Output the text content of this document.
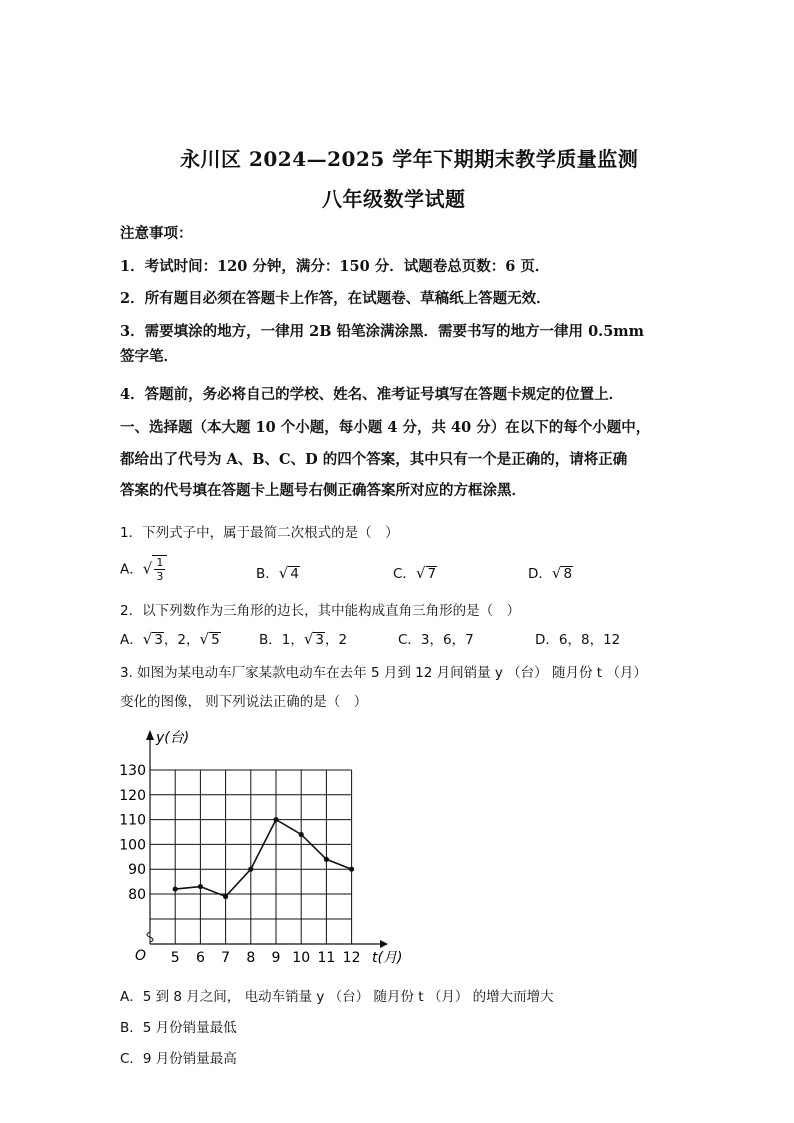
永川区 2024—2025 学年下期期末教学质量监测
八年级数学试题
注意事项：
1．考试时间：120 分钟，满分：150 分．试题卷总页数：6 页．
2．所有题目必须在答题卡上作答，在试题卷、草稿纸上答题无效．
3．需要填涂的地方，一律用 2B 铅笔涂满涂黑．需要书写的地方一律用 0.5mm
签字笔．
4．答题前，务必将自己的学校、姓名、准考证号填写在答题卡规定的位置上．
一、选择题（本大题 10 个小题，每小题 4 分，共 40 分）在以下的每个小题中，
都给出了代号为 A、B、C、D 的四个答案，其中只有一个是正确的，请将正确
答案的代号填在答题卡上题号右侧正确答案所对应的方框涂黑．
1．下列式子中，属于最简二次根式的是（　）
A．√ $\frac{1}{3}$	B．√ 4	C．√ 7	D．√ 8
2．以下列数作为三角形的边长，其中能构成直角三角形的是（　）
A．√ 3，2，√ 5	B．1，√ 3，2	C．3，6，7	D．6，8，12
3. 如图为某电动车厂家某款电动车在去年 5 月到 12 月间销量 y （台） 随月份 t （月）
变化的图像， 则下列说法正确的是（　）
y(台)
t(月)
O
80
90
100
110
120
130
5 6 7 8 9 10 11 12
A．5 到 8 月之间， 电动车销量 y （台） 随月份 t （月） 的增大而增大
B．5 月份销量最低
C．9 月份销量最高
